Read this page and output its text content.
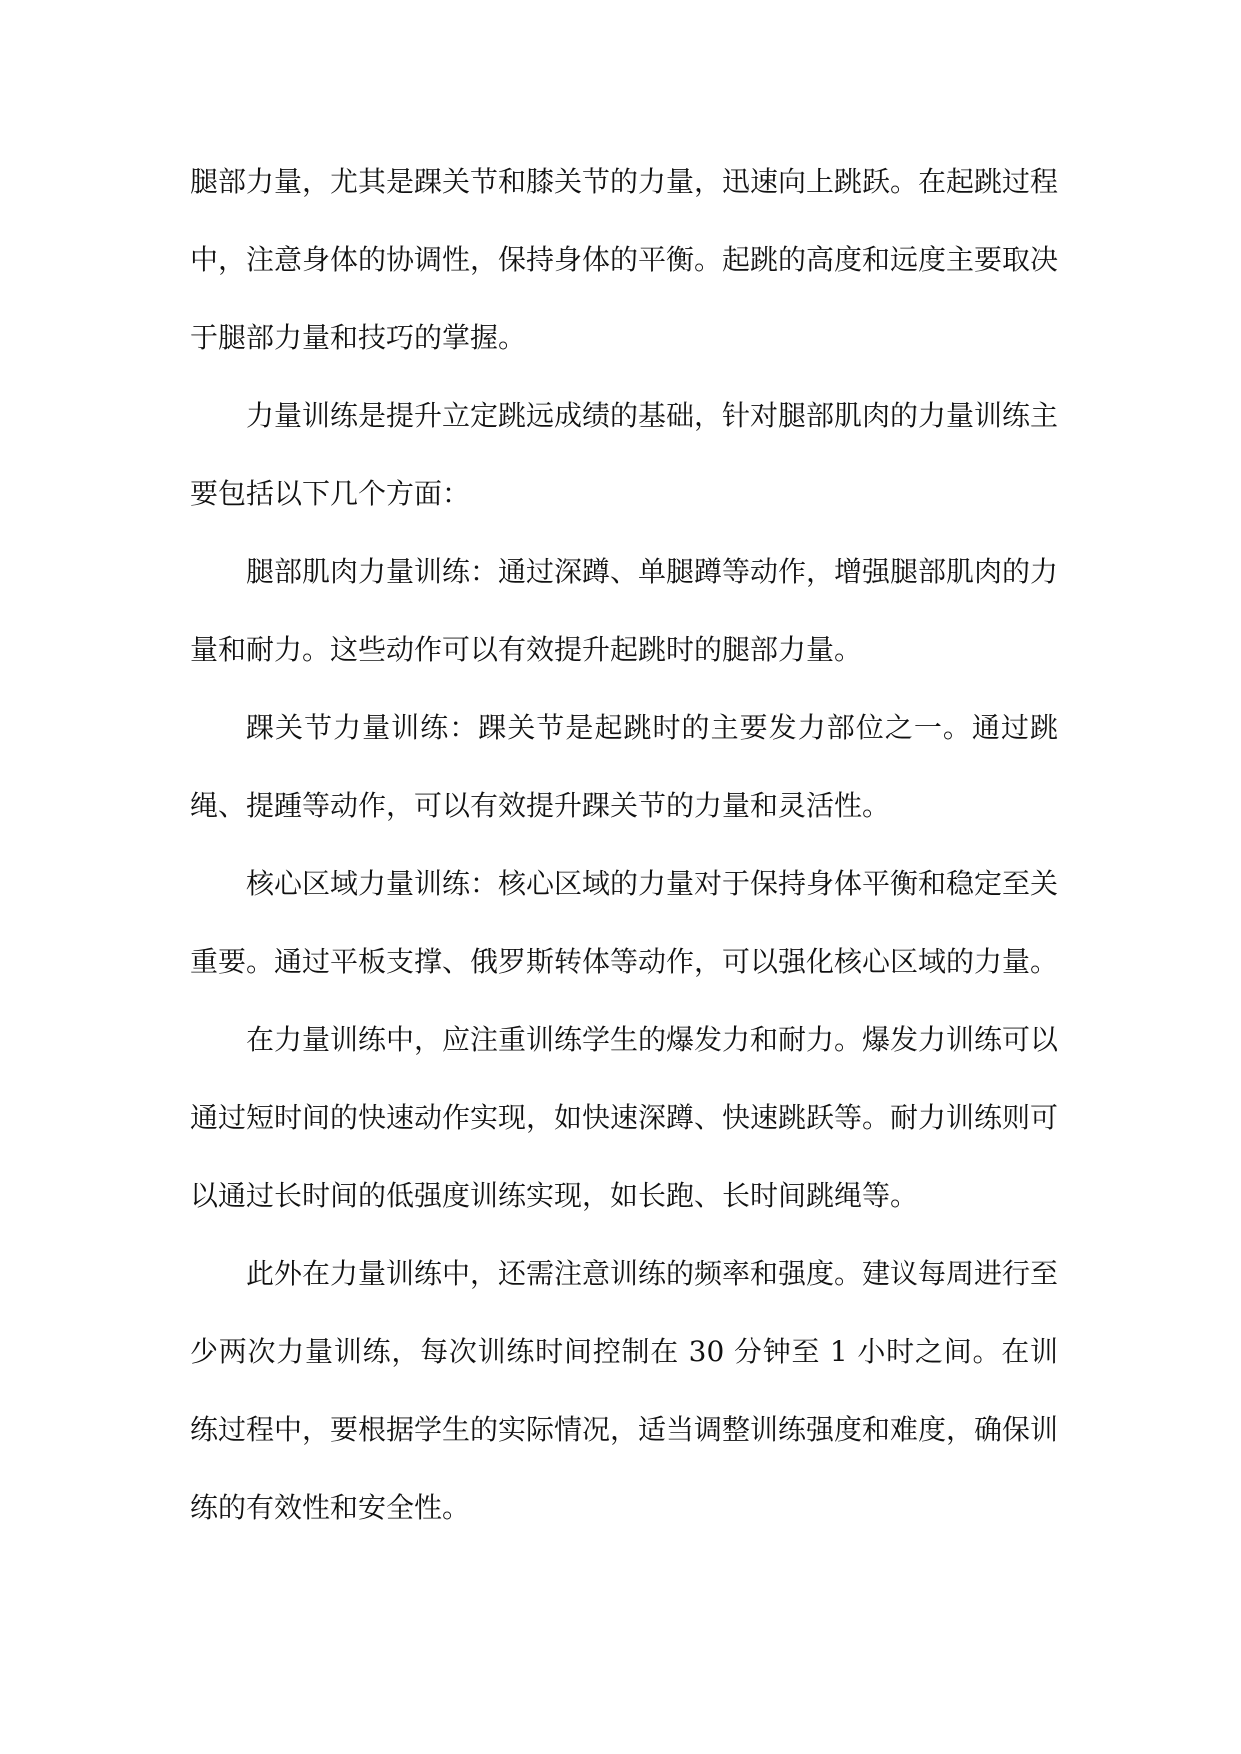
腿部力量，尤其是踝关节和膝关节的力量，迅速向上跳跃。在起跳过程中，注意身体的协调性，保持身体的平衡。起跳的高度和远度主要取决于腿部力量和技巧的掌握。

力量训练是提升立定跳远成绩的基础，针对腿部肌肉的力量训练主要包括以下几个方面：

腿部肌肉力量训练：通过深蹲、单腿蹲等动作，增强腿部肌肉的力量和耐力。这些动作可以有效提升起跳时的腿部力量。

踝关节力量训练：踝关节是起跳时的主要发力部位之一。通过跳绳、提踵等动作，可以有效提升踝关节的力量和灵活性。

核心区域力量训练：核心区域的力量对于保持身体平衡和稳定至关重要。通过平板支撑、俄罗斯转体等动作，可以强化核心区域的力量。

在力量训练中，应注重训练学生的爆发力和耐力。爆发力训练可以通过短时间的快速动作实现，如快速深蹲、快速跳跃等。耐力训练则可以通过长时间的低强度训练实现，如长跑、长时间跳绳等。

此外在力量训练中，还需注意训练的频率和强度。建议每周进行至少两次力量训练，每次训练时间控制在 30 分钟至 1 小时之间。在训练过程中，要根据学生的实际情况，适当调整训练强度和难度，确保训练的有效性和安全性。
